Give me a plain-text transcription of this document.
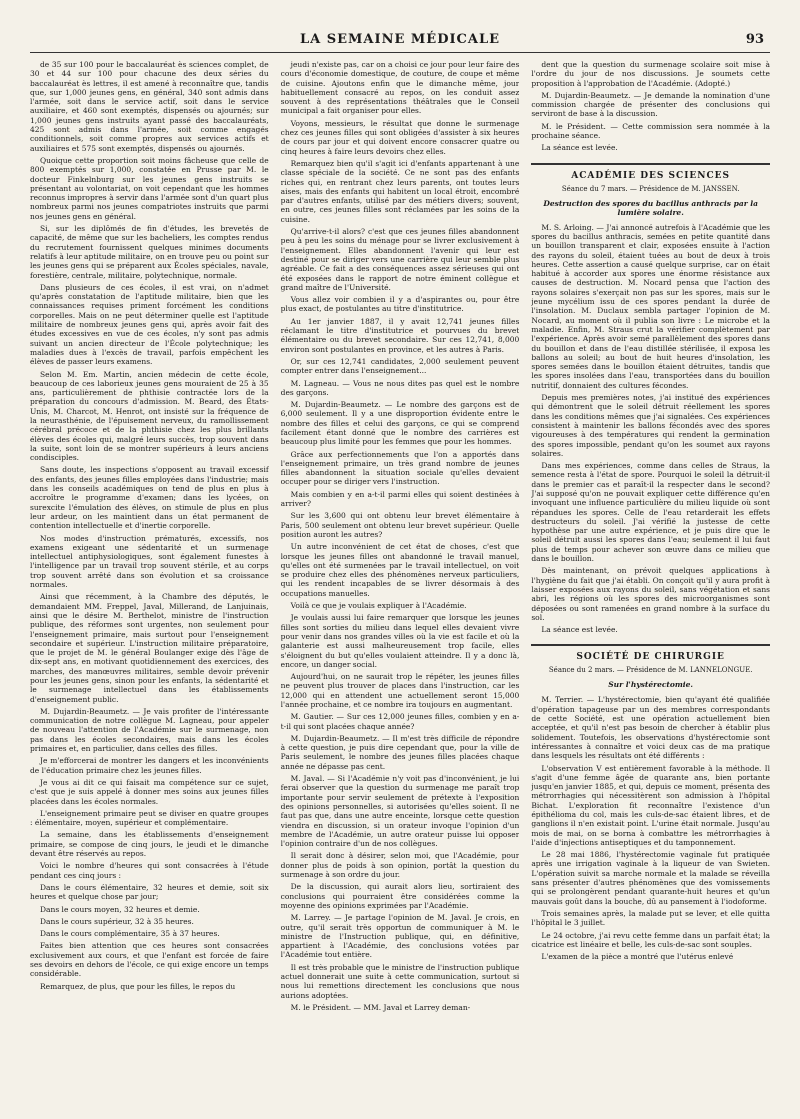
LA SEMAINE MÉDICALE	93

de 35 sur 100 pour le baccalauréat ès sciences complet, de 30 et 44 sur 100 pour chacune des deux séries du baccalauréat ès lettres, il est amené à reconnaître que, tandis que, sur 1,000 jeunes gens, en général, 340 sont admis dans l'armée, soit dans le service actif, soit dans le service auxiliaire, et 460 sont exemptés, dispensés ou ajournés; sur 1,000 jeunes gens instruits ayant passé des baccalauréats, 425 sont admis dans l'armée, soit comme engagés conditionnels, soit comme propres aux services actifs et auxiliaires et 575 sont exemptés, dispensés ou ajournés.

Quoique cette proportion soit moins fâcheuse que celle de 800 exemptés sur 1,000, constatée en Prusse par M. le docteur Finkelnburg sur les jeunes gens instruits se présentant au volontariat, on voit cependant que les hommes reconnus impropres à servir dans l'armée sont d'un quart plus nombreux parmi nos jeunes compatriotes instruits que parmi nos jeunes gens en général.

Si, sur les diplômés de fin d'études, les brevetés de capacité, de même que sur les bacheliers, les comptes rendus du recrutement fournissent quelques minimes documents relatifs à leur aptitude militaire, on en trouve peu ou point sur les jeunes gens qui se préparent aux Écoles spéciales, navale, forestière, centrale, militaire, polytechnique, normale.

Dans plusieurs de ces écoles, il est vrai, on n'admet qu'après constatation de l'aptitude militaire, bien que les connaissances requises priment forcément les conditions corporelles. Mais on ne peut déterminer quelle est l'aptitude militaire de nombreux jeunes gens qui, après avoir fait des études excessives en vue de ces écoles, n'y sont pas admis suivant un ancien directeur de l'École polytechnique; les maladies dues à l'excès de travail, parfois empêchent les élèves de passer leurs examens.

Selon M. Em. Martin, ancien médecin de cette école, beaucoup de ces laborieux jeunes gens mouraient de 25 à 35 ans, particulièrement de phthisie contractée lors de la préparation du concours d'admission. M. Beard, des États-Unis, M. Charcot, M. Henrot, ont insisté sur la fréquence de la neurasthénie, de l'épuisement nerveux, du ramollissement cérébral précoce et de la phthisie chez les plus brillants élèves des écoles qui, malgré leurs succès, trop souvent dans la suite, sont loin de se montrer supérieurs à leurs anciens condisciples.

Sans doute, les inspections s'opposent au travail excessif des enfants, des jeunes filles employées dans l'industrie; mais dans les conseils académiques on tend de plus en plus à accroître le programme d'examen; dans les lycées, on surexcite l'émulation des élèves, on stimule de plus en plus leur ardeur, on les maintient dans un état permanent de contention intellectuelle et d'inertie corporelle.

Nos modes d'instruction prématurés, excessifs, nos examens exigeant une sédentarité et un surmenage intellectuel antiphysiologiques, sont également funestes à l'intelligence par un travail trop souvent stérile, et au corps trop souvent arrêté dans son évolution et sa croissance normales.

Ainsi que récemment, à la Chambre des députés, le demandaient MM. Freppel, Javal, Millerand, de Lanjuinais, ainsi que le désire M. Berthelot, ministre de l'instruction publique, des réformes sont urgentes, non seulement pour l'enseignement primaire, mais surtout pour l'enseignement secondaire et supérieur. L'instruction militaire préparatoire, que le projet de M. le général Boulanger exige dès l'âge de dix-sept ans, en motivant quotidiennement des exercices, des marches, des manœuvres militaires, semble devoir prévenir pour les jeunes gens, sinon pour les enfants, la sédentarité et le surmenage intellectuel dans les établissements d'enseignement public.

M. Dujardin-Beaumetz. — Je vais profiter de l'intéressante communication de notre collègue M. Lagneau, pour appeler de nouveau l'attention de l'Académie sur le surmenage, non pas dans les écoles secondaires, mais dans les écoles primaires et, en particulier, dans celles des filles.

Je m'efforcerai de montrer les dangers et les inconvénients de l'éducation primaire chez les jeunes filles.

Je vous ai dit ce qui faisait ma compétence sur ce sujet, c'est que je suis appelé à donner mes soins aux jeunes filles placées dans les écoles normales.

L'enseignement primaire peut se diviser en quatre groupes : élémentaire, moyen, supérieur et complémentaire.

La semaine, dans les établissements d'enseignement primaire, se compose de cinq jours, le jeudi et le dimanche devant être réservés au repos.

Voici le nombre d'heures qui sont consacrées à l'étude pendant ces cinq jours :

Dans le cours élémentaire, 32 heures et demie, soit six heures et quelque chose par jour;

Dans le cours moyen, 32 heures et demie.

Dans le cours supérieur, 32 à 35 heures.

Dans le cours complémentaire, 35 à 37 heures.

Faites bien attention que ces heures sont consacrées exclusivement aux cours, et que l'enfant est forcée de faire ses devoirs en dehors de l'école, ce qui exige encore un temps considérable.

Remarquez, de plus, que pour les filles, le repos du

jeudi n'existe pas, car on a choisi ce jour pour leur faire des cours d'économie domestique, de couture, de coupe et même de cuisine. Ajoutons enfin que le dimanche même, jour habituellement consacré au repos, on les conduit assez souvent à des représentations théâtrales que le Conseil municipal a fait organiser pour elles.

Voyons, messieurs, le résultat que donne le surmenage chez ces jeunes filles qui sont obligées d'assister à six heures de cours par jour et qui doivent encore consacrer quatre ou cinq heures à faire leurs devoirs chez elles.

Remarquez bien qu'il s'agit ici d'enfants appartenant à une classe spéciale de la société. Ce ne sont pas des enfants riches qui, en rentrant chez leurs parents, ont toutes leurs aises, mais des enfants qui habitent un local étroit, encombré par d'autres enfants, utilisé par des métiers divers; souvent, en outre, ces jeunes filles sont réclamées par les soins de la cuisine.

Qu'arrive-t-il alors? c'est que ces jeunes filles abandonnent peu à peu les soins du ménage pour se livrer exclusivement à l'enseignement. Elles abandonnent l'avenir qui leur est destiné pour se diriger vers une carrière qui leur semble plus agréable. Ce fait a des conséquences assez sérieuses qui ont été exposées dans le rapport de notre éminent collègue et grand maître de l'Université.

Vous allez voir combien il y a d'aspirantes ou, pour être plus exact, de postulantes au titre d'institutrice.

Au 1er janvier 1887, il y avait 12,741 jeunes filles réclamant le titre d'institutrice et pourvues du brevet élémentaire ou du brevet secondaire. Sur ces 12,741, 8,000 environ sont postulantes en province, et les autres à Paris.

Or, sur ces 12,741 candidates, 2,000 seulement peuvent compter entrer dans l'enseignement...

M. Lagneau. — Vous ne nous dites pas quel est le nombre des garçons.

M. Dujardin-Beaumetz. — Le nombre des garçons est de 6,000 seulement. Il y a une disproportion évidente entre le nombre des filles et celui des garçons, ce qui se comprend facilement étant donné que le nombre des carrières est beaucoup plus limité pour les femmes que pour les hommes.

Grâce aux perfectionnements que l'on a apportés dans l'enseignement primaire, un très grand nombre de jeunes filles abandonnent la situation sociale qu'elles devaient occuper pour se diriger vers l'instruction.

Mais combien y en a-t-il parmi elles qui soient destinées à arriver?

Sur les 3,600 qui ont obtenu leur brevet élémentaire à Paris, 500 seulement ont obtenu leur brevet supérieur. Quelle position auront les autres?

Un autre inconvénient de cet état de choses, c'est que lorsque les jeunes filles ont abandonné le travail manuel, qu'elles ont été surmenées par le travail intellectuel, on voit se produire chez elles des phénomènes nerveux particuliers, qui les rendent incapables de se livrer désormais à des occupations manuelles.

Voilà ce que je voulais expliquer à l'Académie.

Je voulais aussi lui faire remarquer que lorsque les jeunes filles sont sorties du milieu dans lequel elles devaient vivre pour venir dans nos grandes villes où la vie est facile et où la galanterie est aussi malheureusement trop facile, elles s'éloignent du but qu'elles voulaient atteindre. Il y a donc là, encore, un danger social.

Aujourd'hui, on ne saurait trop le répéter, les jeunes filles ne peuvent plus trouver de places dans l'instruction, car les 12,000 qui en attendent une actuellement seront 15,000 l'année prochaine, et ce nombre ira toujours en augmentant.

M. Gautier. — Sur ces 12,000 jeunes filles, combien y en a-t-il qui sont placées chaque année?

M. Dujardin-Beaumetz. — Il m'est très difficile de répondre à cette question, je puis dire cependant que, pour la ville de Paris seulement, le nombre des jeunes filles placées chaque année ne dépasse pas cent.

M. Javal. — Si l'Académie n'y voit pas d'inconvénient, je lui ferai observer que la question du surmenage me paraît trop importante pour servir seulement de prétexte à l'exposition des opinions personnelles, si autorisées qu'elles soient. Il ne faut pas que, dans une autre enceinte, lorsque cette question viendra en discussion, si un orateur invoque l'opinion d'un membre de l'Académie, un autre orateur puisse lui opposer l'opinion contraire d'un de nos collègues.

Il serait donc à désirer, selon moi, que l'Académie, pour donner plus de poids à son opinion, portât la question du surmenage à son ordre du jour.

De la discussion, qui aurait alors lieu, sortiraient des conclusions qui pourraient être considérées comme la moyenne des opinions exprimées par l'Académie.

M. Larrey. — Je partage l'opinion de M. Javal. Je crois, en outre, qu'il serait très opportun de communiquer à M. le ministre de l'Instruction publique, qui, en définitive, appartient à l'Académie, des conclusions votées par l'Académie tout entière.

Il est très probable que le ministre de l'instruction publique actuel donnerait une suite à cette communication, surtout si nous lui remettions directement les conclusions que nous aurions adoptées.

M. le Président. — MM. Javal et Larrey deman-

dent que la question du surmenage scolaire soit mise à l'ordre du jour de nos discussions. Je soumets cette proposition à l'approbation de l'Académie. (Adopté.)

M. Dujardin-Beaumetz. — Je demande la nomination d'une commission chargée de présenter des conclusions qui serviront de base à la discussion.

M. le Président. — Cette commission sera nommée à la prochaine séance.

La séance est levée.

ACADÉMIE DES SCIENCES
Séance du 7 mars. — Présidence de M. JANSSEN.
Destruction des spores du bacillus anthracis par la lumière solaire.

M. S. Arloing. — J'ai annoncé autrefois à l'Académie que les spores du bacillus anthracis, semées en petite quantité dans un bouillon transparent et clair, exposées ensuite à l'action des rayons du soleil, étaient tuées au bout de deux à trois heures. Cette assertion a causé quelque surprise, car on était habitué à accorder aux spores une énorme résistance aux causes de destruction. M. Nocard pensa que l'action des rayons solaires s'exerçait non pas sur les spores, mais sur le jeune mycélium issu de ces spores pendant la durée de l'insolation. M. Duclaux sembla partager l'opinion de M. Nocard, au moment où il publia son livre : Le microbe et la maladie. Enfin, M. Straus crut la vérifier complètement par l'expérience. Après avoir semé parallèlement des spores dans du bouillon et dans de l'eau distillée stérilisée, il exposa les ballons au soleil; au bout de huit heures d'insolation, les spores semées dans le bouillon étaient détruites, tandis que les spores insolées dans l'eau, transportées dans du bouillon nutritif, donnaient des cultures fécondes.

Depuis mes premières notes, j'ai institué des expériences qui démontrent que le soleil détruit réellement les spores dans les conditions mêmes que j'ai signalées. Ces expériences consistent à maintenir les ballons fécondés avec des spores vigoureuses à des températures qui rendent la germination des spores impossible, pendant qu'on les soumet aux rayons solaires.

Dans mes expériences, comme dans celles de Straus, la semence resta à l'état de spore. Pourquoi le soleil la détruit-il dans le premier cas et paraît-il la respecter dans le second? J'ai supposé qu'on ne pouvait expliquer cette différence qu'en invoquant une influence particulière du milieu liquide où sont répandues les spores. Celle de l'eau retarderait les effets destructeurs du soleil. J'ai vérifié la justesse de cette hypothèse par une autre expérience, et je puis dire que le soleil détruit aussi les spores dans l'eau; seulement il lui faut plus de temps pour achever son œuvre dans ce milieu que dans le bouillon.

Dès maintenant, on prévoit quelques applications à l'hygiène du fait que j'ai établi. On conçoit qu'il y aura profit à laisser exposées aux rayons du soleil, sans végétation et sans abri, les régions où les spores des microorganismes sont déposées ou sont ramenées en grand nombre à la surface du sol.

La séance est levée.

SOCIÉTÉ DE CHIRURGIE
Séance du 2 mars. — Présidence de M. LANNELONGUE.
Sur l'hystérectomie.

M. Terrier. — L'hystérectomie, bien qu'ayant été qualifiée d'opération tapageuse par un des membres correspondants de cette Société, est une opération actuellement bien acceptée, et qu'il n'est pas besoin de chercher à établir plus solidement. Toutefois, les observations d'hystérectomie sont intéressantes à connaître et voici deux cas de ma pratique dans lesquels les résultats ont été différents :

L'observation V est entièrement favorable à la méthode. Il s'agit d'une femme âgée de quarante ans, bien portante jusqu'en janvier 1885, et qui, depuis ce moment, présenta des métrorrhagies qui nécessitèrent son admission à l'hôpital Bichat. L'exploration fit reconnaître l'existence d'un épithélioma du col, mais les culs-de-sac étaient libres, et de ganglions il n'en existait point. L'urine était normale. Jusqu'au mois de mai, on se borna à combattre les métrorrhagies à l'aide d'injections antiseptiques et du tamponnement.

Le 28 mai 1886, l'hystérectomie vaginale fut pratiquée après une irrigation vaginale à la liqueur de van Swieten. L'opération suivit sa marche normale et la malade se réveilla sans présenter d'autres phénomènes que des vomissements qui se prolongèrent pendant quarante-huit heures et qu'un mauvais goût dans la bouche, dû au pansement à l'iodoforme.

Trois semaines après, la malade put se lever, et elle quitta l'hôpital le 3 juillet.

Le 24 octobre, j'ai revu cette femme dans un parfait état; la cicatrice est linéaire et belle, les culs-de-sac sont souples.

L'examen de la pièce a montré que l'utérus enlevé
